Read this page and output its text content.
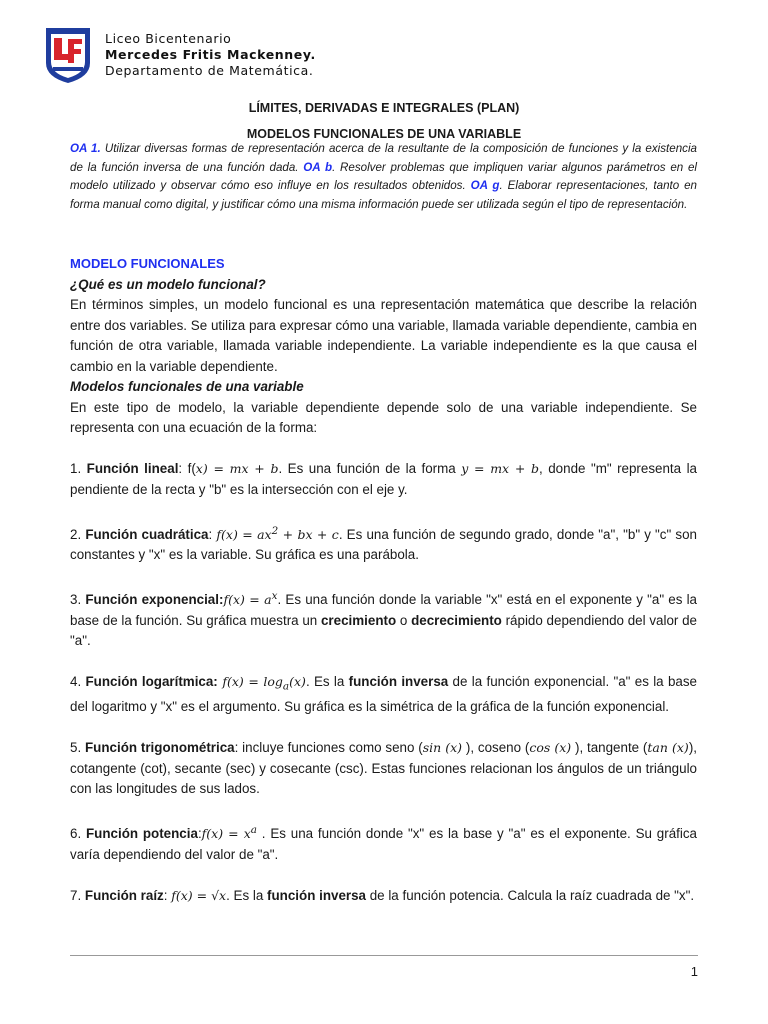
Liceo Bicentenario
Mercedes Fritis Mackenney.
Departamento de Matemática.
LÍMITES, DERIVADAS E INTEGRALES (PLAN)
MODELOS FUNCIONALES DE UNA VARIABLE
OA 1. Utilizar diversas formas de representación acerca de la resultante de la composición de funciones y la existencia de la función inversa de una función dada. OA b. Resolver problemas que impliquen variar algunos parámetros en el modelo utilizado y observar cómo eso influye en los resultados obtenidos. OA g. Elaborar representaciones, tanto en forma manual como digital, y justificar cómo una misma información puede ser utilizada según el tipo de representación.

MODELO FUNCIONALES

¿Qué es un modelo funcional?

En términos simples, un modelo funcional es una representación matemática que describe la relación entre dos variables. Se utiliza para expresar cómo una variable, llamada variable dependiente, cambia en función de otra variable, llamada variable independiente. La variable independiente es la que causa el cambio en la variable dependiente.

Modelos funcionales de una variable

En este tipo de modelo, la variable dependiente depende solo de una variable independiente. Se representa con una ecuación de la forma:

1. Función lineal: f(x) = mx + b. Es una función de la forma y = mx + b, donde "m" representa la pendiente de la recta y "b" es la intersección con el eje y.

2. Función cuadrática: $f(x) = ax^2$ + bx + c. Es una función de segundo grado, donde "a", "b" y "c" son constantes y "x" es la variable. Su gráfica es una parábola.

3. Función exponencial:f(x) = $a^x$. Es una función donde la variable "x" está en el exponente y "a" es la base de la función. Su gráfica muestra un crecimiento o decrecimiento rápido dependiendo del valor de "a".

4. Función logarítmica: $f(x) = \log_a(x)$. Es la función inversa de la función exponencial. "a" es la base del logaritmo y "x" es el argumento. Su gráfica es la simétrica de la gráfica de la función exponencial.

5. Función trigonométrica: incluye funciones como seno (sin (x) ), coseno (cos (x) ), tangente (tan (x)), cotangente (cot), secante (sec) y cosecante (csc). Estas funciones relacionan los ángulos de un triángulo con las longitudes de sus lados.

6. Función potencia:f(x) = $x^a$ . Es una función donde "x" es la base y "a" es el exponente. Su gráfica varía dependiendo del valor de "a".

7. Función raíz: f(x) = √x. Es la función inversa de la función potencia. Calcula la raíz cuadrada de "x".

1
